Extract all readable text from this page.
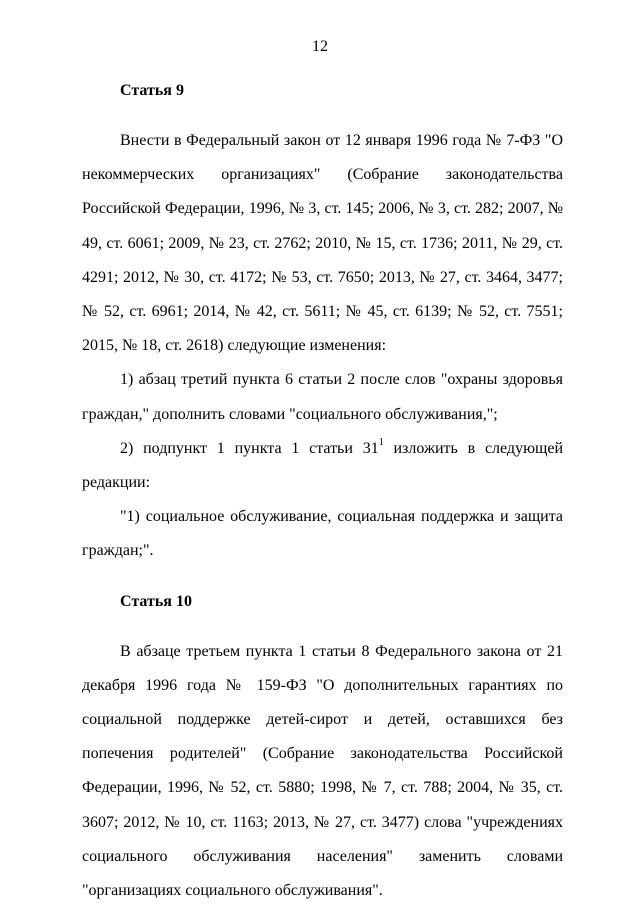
12

Статья 9

Внести в Федеральный закон от 12 января 1996 года № 7-ФЗ "О некоммерческих организациях" (Собрание законодательства Российской Федерации, 1996, № 3, ст. 145; 2006, № 3, ст. 282; 2007, № 49, ст. 6061; 2009, № 23, ст. 2762; 2010, № 15, ст. 1736; 2011, № 29, ст. 4291; 2012, № 30, ст. 4172; № 53, ст. 7650; 2013, № 27, ст. 3464, 3477; № 52, ст. 6961; 2014, № 42, ст. 5611; № 45, ст. 6139; № 52, ст. 7551; 2015, № 18, ст. 2618) следующие изменения:

1) абзац третий пункта 6 статьи 2 после слов "охраны здоровья граждан," дополнить словами "социального обслуживания,";

2) подпункт 1 пункта 1 статьи $31^1$ изложить в следующей редакции:

"1) социальное обслуживание, социальная поддержка и защита граждан;".

Статья 10

В абзаце третьем пункта 1 статьи 8 Федерального закона от 21 декабря 1996 года № 159-ФЗ "О дополнительных гарантиях по социальной поддержке детей-сирот и детей, оставшихся без попечения родителей" (Собрание законодательства Российской Федерации, 1996, № 52, ст. 5880; 1998, № 7, ст. 788; 2004, № 35, ст. 3607; 2012, № 10, ст. 1163; 2013, № 27, ст. 3477) слова "учреждениях социального обслуживания населения" заменить словами "организациях социального обслуживания".
